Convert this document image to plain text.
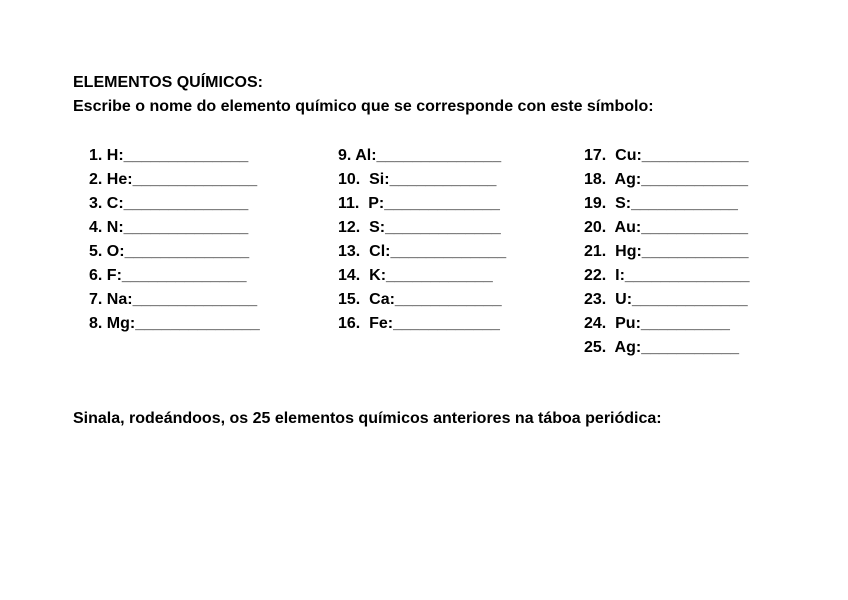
ELEMENTOS QUÍMICOS:
Escribe o nome do elemento químico que se corresponde con este símbolo:
1. H:______________
2. He:______________
3. C:______________
4. N:______________
5. O:______________
6. F:______________
7. Na:______________
8. Mg:______________
9. Al:______________
10.  Si:____________
11.  P:_____________
12.  S:_____________
13.  Cl:_____________
14.  K:____________
15.  Ca:____________
16.  Fe:____________
17.  Cu:____________
18.  Ag:____________
19.  S:____________
20.  Au:____________
21.  Hg:____________
22.  I:______________
23.  U:_____________
24.  Pu:__________
25.  Ag:___________
Sinala, rodeándoos, os 25 elementos químicos anteriores na táboa periódica:
